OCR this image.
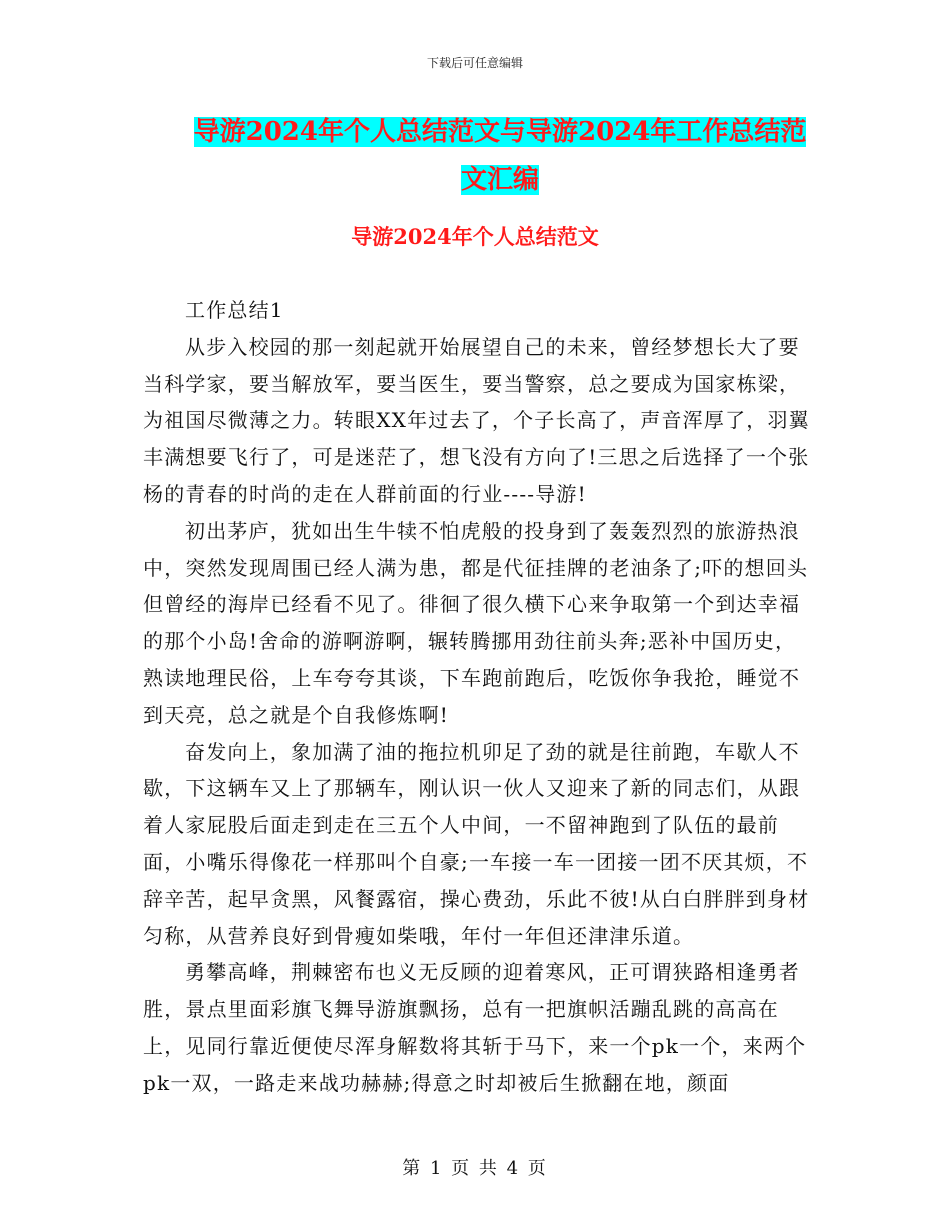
下载后可任意编辑
导游2024年个人总结范文与导游2024年工作总结范
文汇编
导游2024年个人总结范文

工作总结1

从步入校园的那一刻起就开始展望自己的未来，曾经梦想长大了要当科学家，要当解放军，要当医生，要当警察，总之要成为国家栋梁，为祖国尽微薄之力。转眼XX年过去了，个子长高了，声音浑厚了，羽翼丰满想要飞行了，可是迷茫了，想飞没有方向了!三思之后选择了一个张杨的青春的时尚的走在人群前面的行业----导游!

初出茅庐，犹如出生牛犊不怕虎般的投身到了轰轰烈烈的旅游热浪中，突然发现周围已经人满为患，都是代征挂牌的老油条了;吓的想回头但曾经的海岸已经看不见了。徘徊了很久横下心来争取第一个到达幸福的那个小岛!舍命的游啊游啊，辗转腾挪用劲往前头奔;恶补中国历史，熟读地理民俗，上车夸夸其谈，下车跑前跑后，吃饭你争我抢，睡觉不到天亮，总之就是个自我修炼啊!

奋发向上，象加满了油的拖拉机卯足了劲的就是往前跑，车歇人不歇，下这辆车又上了那辆车，刚认识一伙人又迎来了新的同志们，从跟着人家屁股后面走到走在三五个人中间，一不留神跑到了队伍的最前面，小嘴乐得像花一样那叫个自豪;一车接一车一团接一团不厌其烦，不辞辛苦，起早贪黑，风餐露宿，操心费劲，乐此不彼!从白白胖胖到身材匀称，从营养良好到骨瘦如柴哦，年付一年但还津津乐道。

勇攀高峰，荆棘密布也义无反顾的迎着寒风，正可谓狭路相逢勇者胜，景点里面彩旗飞舞导游旗飘扬，总有一把旗帜活蹦乱跳的高高在上，见同行靠近便使尽浑身解数将其斩于马下，来一个pk一个，来两个pk一双，一路走来战功赫赫;得意之时却被后生掀翻在地，颜面

第 1 页 共 4 页
